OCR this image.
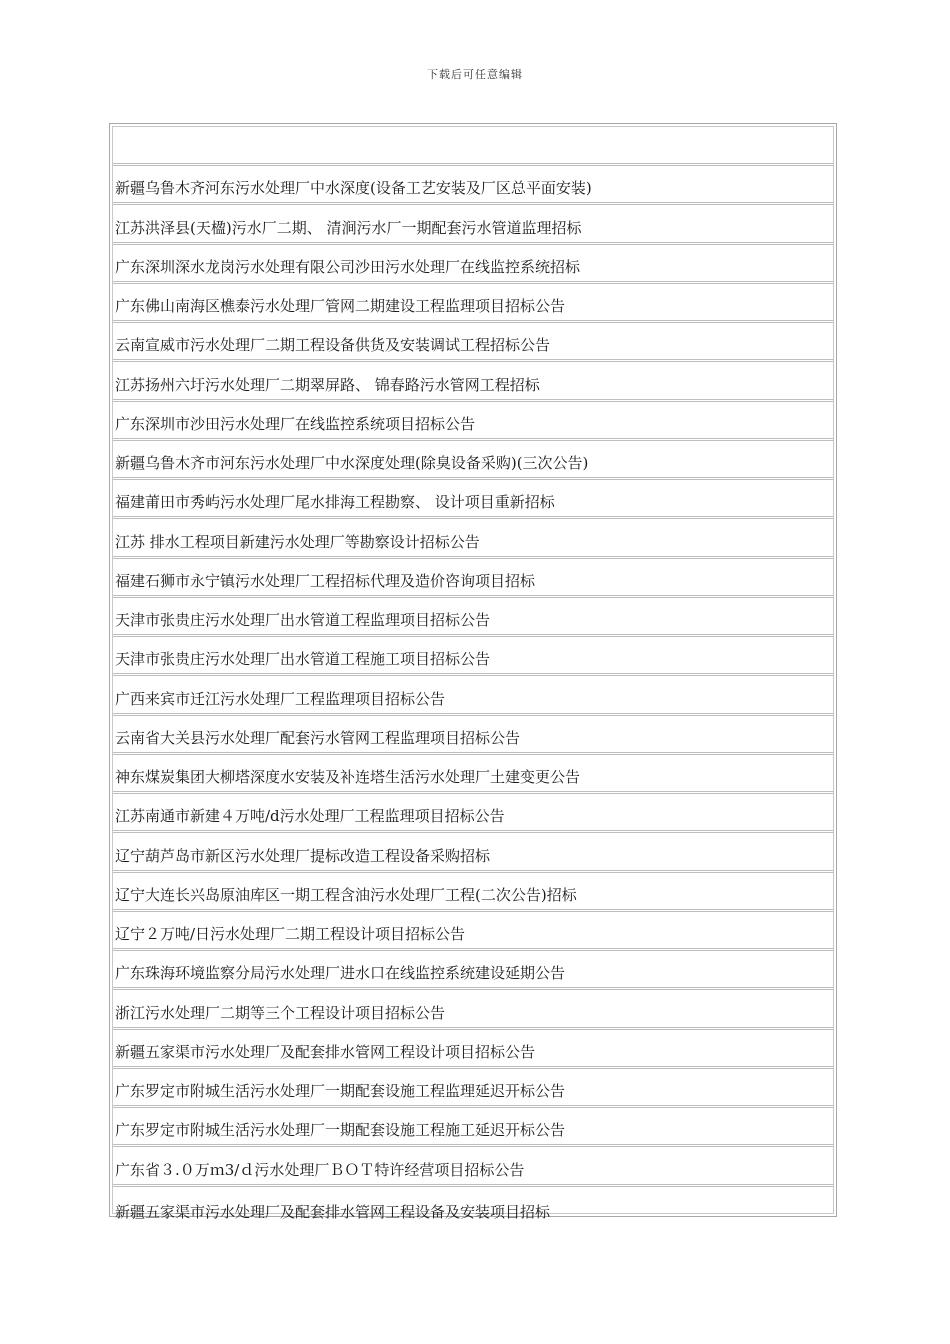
下载后可任意编辑
新疆乌鲁木齐河东污水处理厂中水深度(设备工艺安装及厂区总平面安装)
江苏洪泽县(天楹)污水厂二期、 清涧污水厂一期配套污水管道监理招标
广东深圳深水龙岗污水处理有限公司沙田污水处理厂在线监控系统招标
广东佛山南海区樵泰污水处理厂管网二期建设工程监理项目招标公告
云南宣威市污水处理厂二期工程设备供货及安装调试工程招标公告
江苏扬州六圩污水处理厂二期翠屏路、 锦春路污水管网工程招标
广东深圳市沙田污水处理厂在线监控系统项目招标公告
新疆乌鲁木齐市河东污水处理厂中水深度处理(除臭设备采购)(三次公告)
福建莆田市秀屿污水处理厂尾水排海工程勘察、 设计项目重新招标
江苏 排水工程项目新建污水处理厂等勘察设计招标公告
福建石狮市永宁镇污水处理厂工程招标代理及造价咨询项目招标
天津市张贵庄污水处理厂出水管道工程监理项目招标公告
天津市张贵庄污水处理厂出水管道工程施工项目招标公告
广西来宾市迁江污水处理厂工程监理项目招标公告
云南省大关县污水处理厂配套污水管网工程监理项目招标公告
神东煤炭集团大柳塔深度水安装及补连塔生活污水处理厂土建变更公告
江苏南通市新建４万吨/d污水处理厂工程监理项目招标公告
辽宁葫芦岛市新区污水处理厂提标改造工程设备采购招标
辽宁大连长兴岛原油库区一期工程含油污水处理厂工程(二次公告)招标
辽宁２万吨/日污水处理厂二期工程设计项目招标公告
广东珠海环境监察分局污水处理厂进水口在线监控系统建设延期公告
浙江污水处理厂二期等三个工程设计项目招标公告
新疆五家渠市污水处理厂及配套排水管网工程设计项目招标公告
广东罗定市附城生活污水处理厂一期配套设施工程监理延迟开标公告
广东罗定市附城生活污水处理厂一期配套设施工程施工延迟开标公告
广东省３.０万ｍ3/ｄ污水处理厂ＢＯＴ特许经营项目招标公告
新疆五家渠市污水处理厂及配套排水管网工程设备及安装项目招标
